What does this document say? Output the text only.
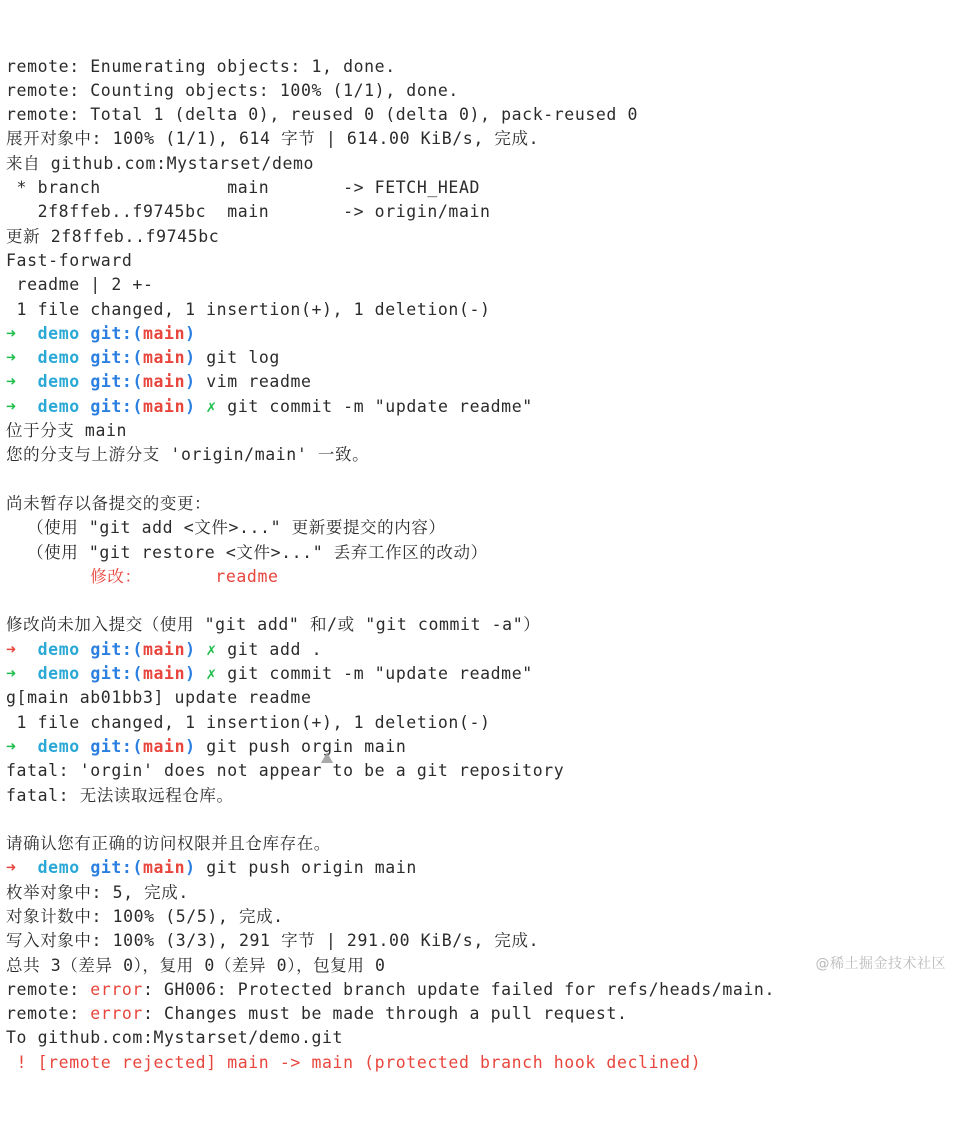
remote: Enumerating objects: 1, done.
remote: Counting objects: 100% (1/1), done.
remote: Total 1 (delta 0), reused 0 (delta 0), pack-reused 0
展开对象中: 100% (1/1), 614 字节 | 614.00 KiB/s, 完成.
来自 github.com:Mystarset/demo
* branch            main       -> FETCH_HEAD
2f8ffeb..f9745bc  main       -> origin/main
更新 2f8ffeb..f9745bc
Fast-forward
readme | 2 +-
1 file changed, 1 insertion(+), 1 deletion(-)
➜ demo git:(main)
➜ demo git:(main) git log
➜ demo git:(main) vim readme
➜ demo git:(main) ✗ git commit -m "update readme"
位于分支 main
您的分支与上游分支 'origin/main' 一致。
尚未暂存以备提交的变更：
（使用 "git add <文件>..." 更新要提交的内容）
（使用 "git restore <文件>..." 丢弃工作区的改动）
修改：       readme
修改尚未加入提交（使用 "git add" 和/或 "git commit -a"）
➜ demo git:(main) ✗ git add .
➜ demo git:(main) ✗ git commit -m "update readme"
g[main ab01bb3] update readme
1 file changed, 1 insertion(+), 1 deletion(-)
➜ demo git:(main) git push orgin main
fatal: 'orgin' does not appear to be a git repository
fatal: 无法读取远程仓库。
请确认您有正确的访问权限并且仓库存在。
➜ demo git:(main) git push origin main
枚举对象中: 5, 完成.
对象计数中: 100% (5/5), 完成.
写入对象中: 100% (3/3), 291 字节 | 291.00 KiB/s, 完成.
总共 3（差异 0），复用 0（差异 0），包复用 0
remote: error: GH006: Protected branch update failed for refs/heads/main.
remote: error: Changes must be made through a pull request.
To github.com:Mystarset/demo.git
! [remote rejected] main -> main (protected branch hook declined)

@稀土掘金技术社区
